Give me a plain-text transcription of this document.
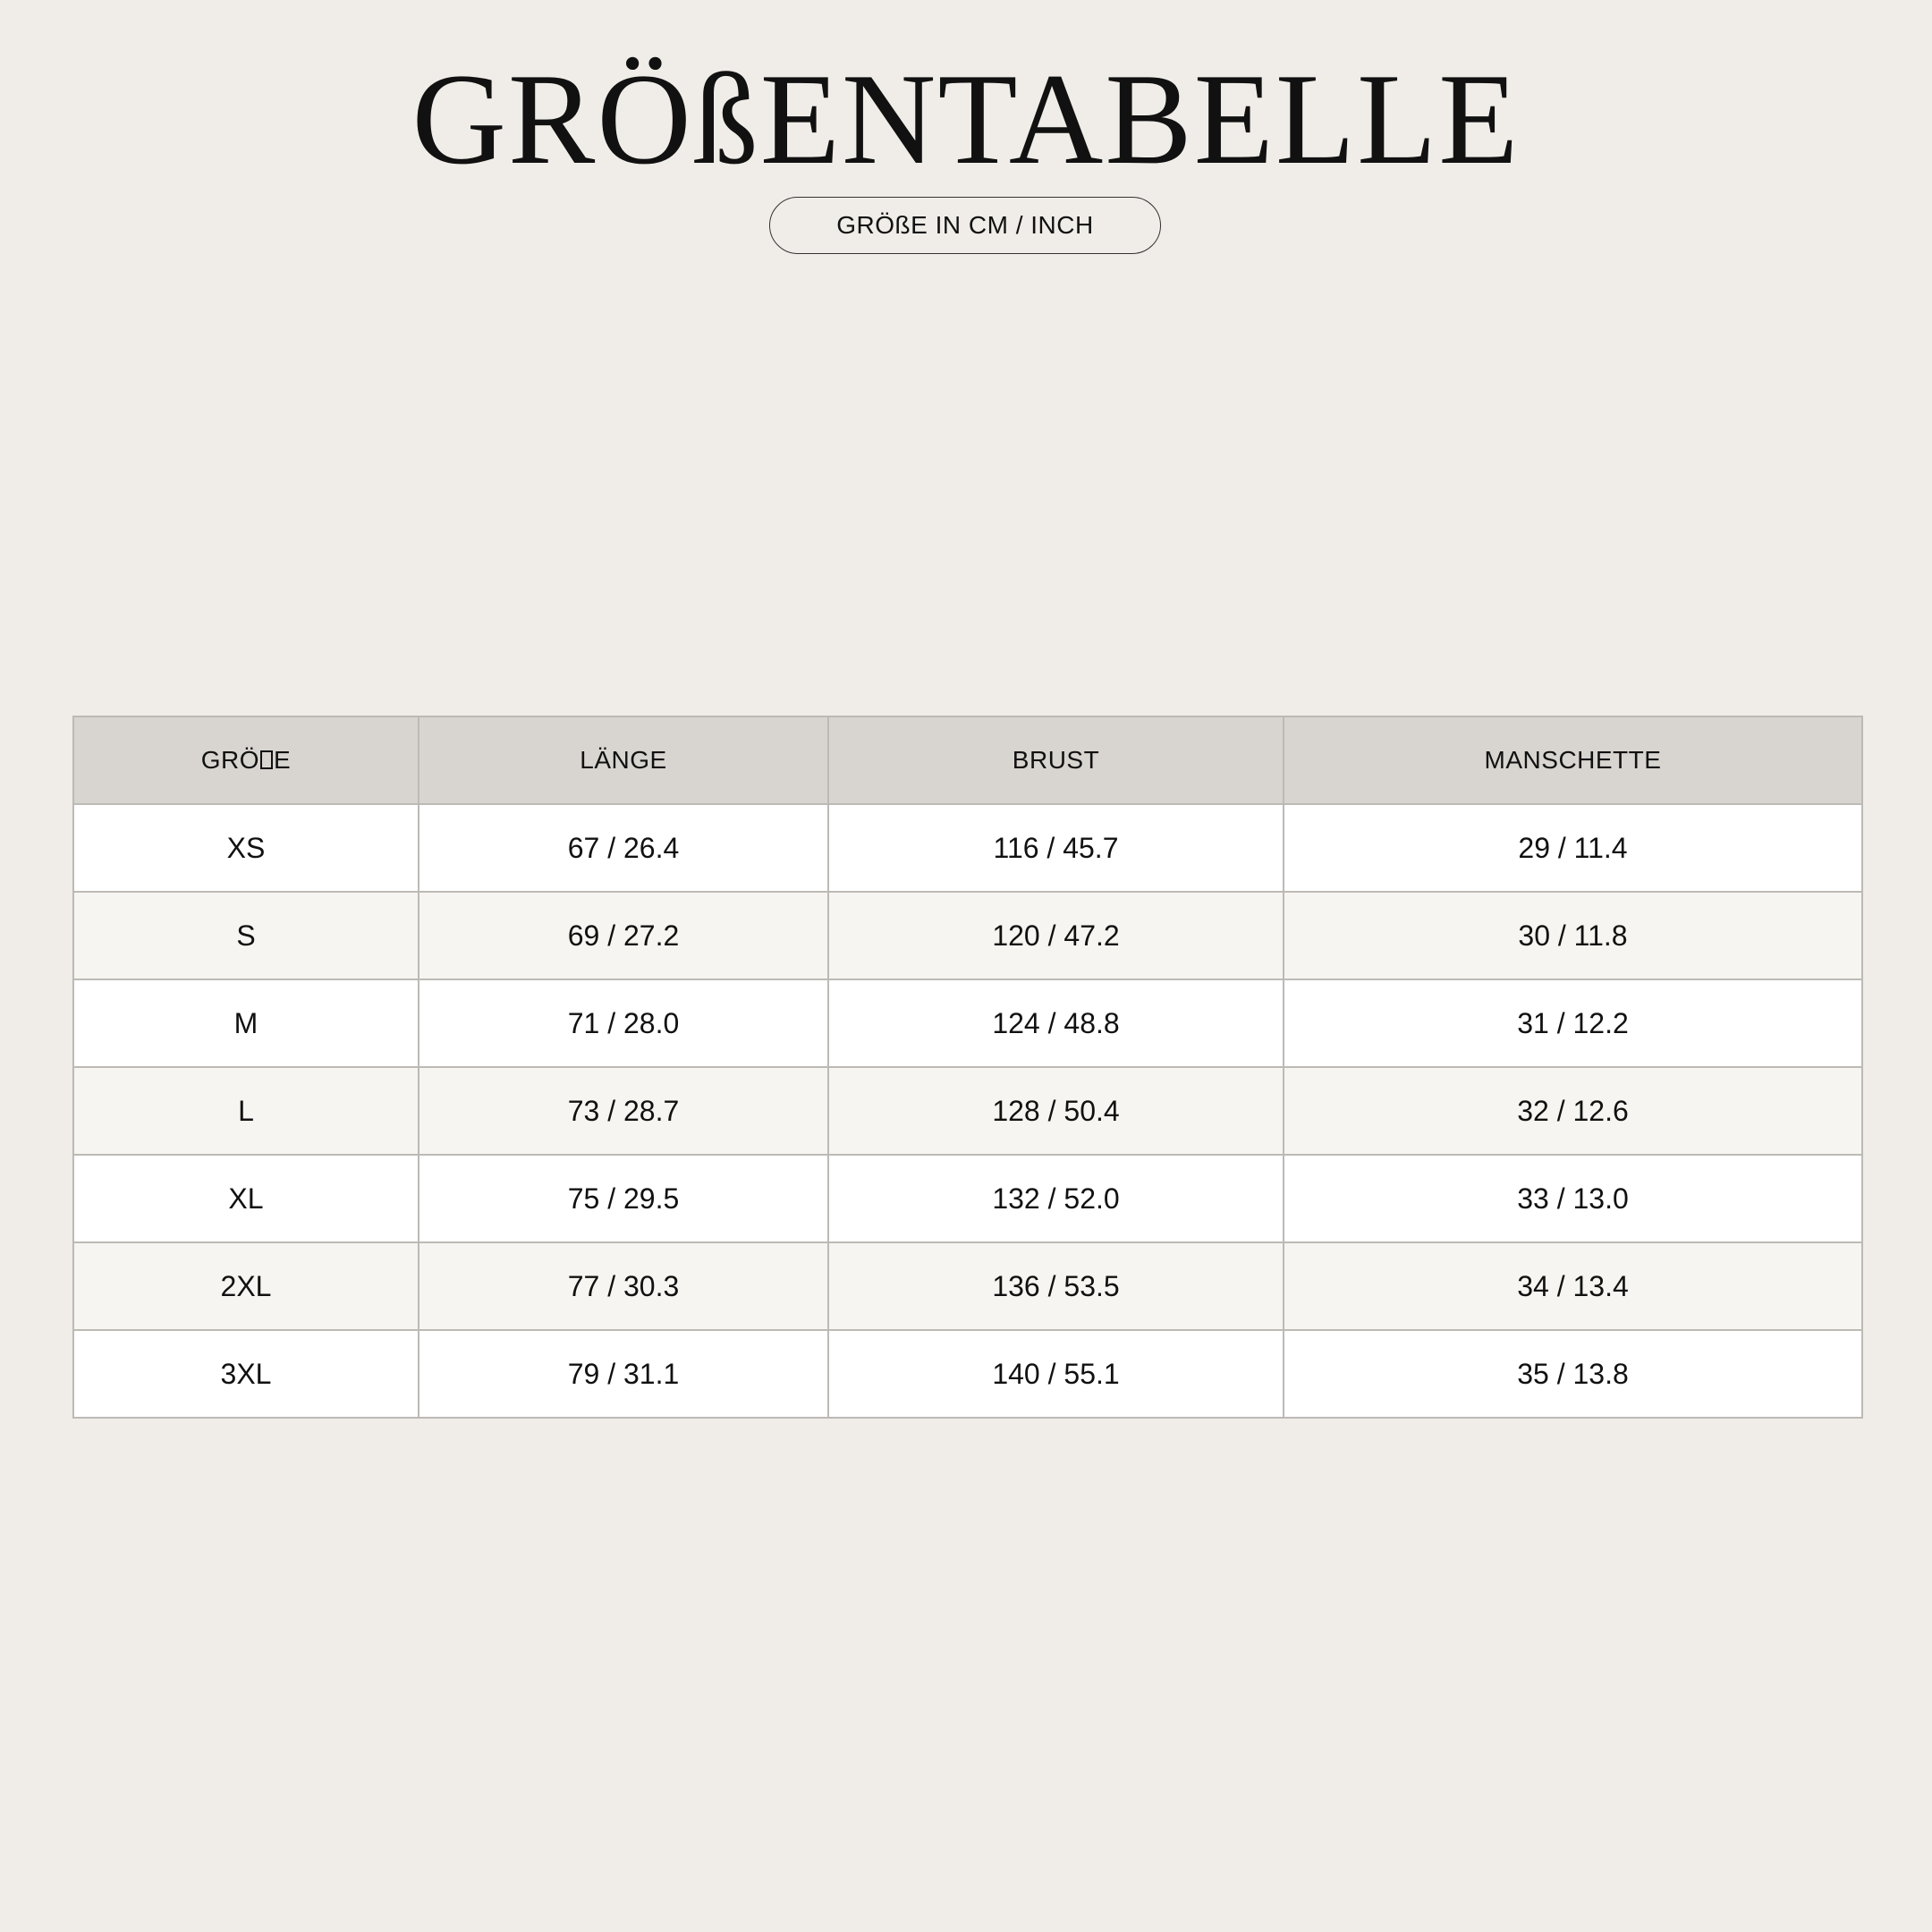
GRÖßENTABELLE
GRÖßE IN CM / INCH
GRÖ E	LÄNGE	BRUST	MANSCHETTE
XS	67 / 26.4	116 / 45.7	29 / 11.4
S	69 / 27.2	120 / 47.2	30 / 11.8
M	71 / 28.0	124 / 48.8	31 / 12.2
L	73 / 28.7	128 / 50.4	32 / 12.6
XL	75 / 29.5	132 / 52.0	33 / 13.0
2XL	77 / 30.3	136 / 53.5	34 / 13.4
3XL	79 / 31.1	140 / 55.1	35 / 13.8
